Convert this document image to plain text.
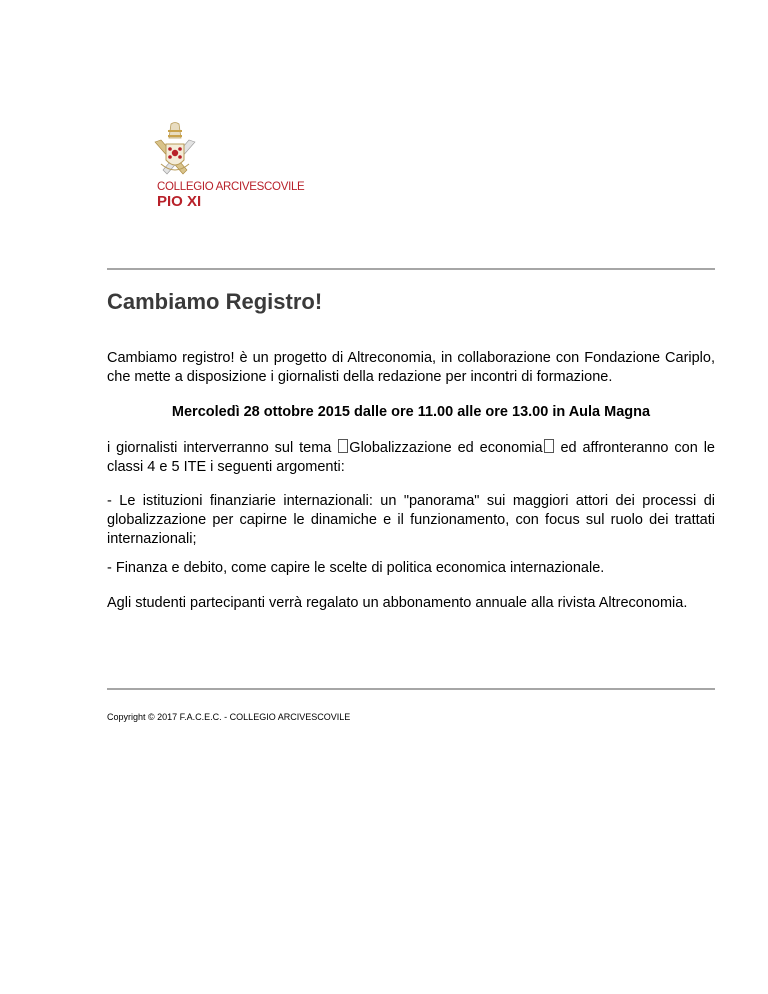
COLLEGIO ARCIVESCOVILE
PIO XI
Cambiamo Registro!

Cambiamo registro! è un progetto di Altreconomia, in collaborazione con Fondazione Cariplo, che mette a disposizione i giornalisti della redazione per incontri di formazione.

Mercoledì 28 ottobre 2015 dalle ore 11.00 alle ore 13.00 in Aula Magna

i giornalisti interverranno sul tema Globalizzazione ed economia ed affronteranno con le classi 4 e 5 ITE i seguenti argomenti:

- Le istituzioni finanziarie internazionali: un "panorama" sui maggiori attori dei processi di globalizzazione per capirne le dinamiche e il funzionamento, con focus sul ruolo dei trattati internazionali;

- Finanza e debito, come capire le scelte di politica economica internazionale.

Agli studenti partecipanti verrà regalato un abbonamento annuale alla rivista Altreconomia.

Copyright © 2017 F.A.C.E.C. - COLLEGIO ARCIVESCOVILE
